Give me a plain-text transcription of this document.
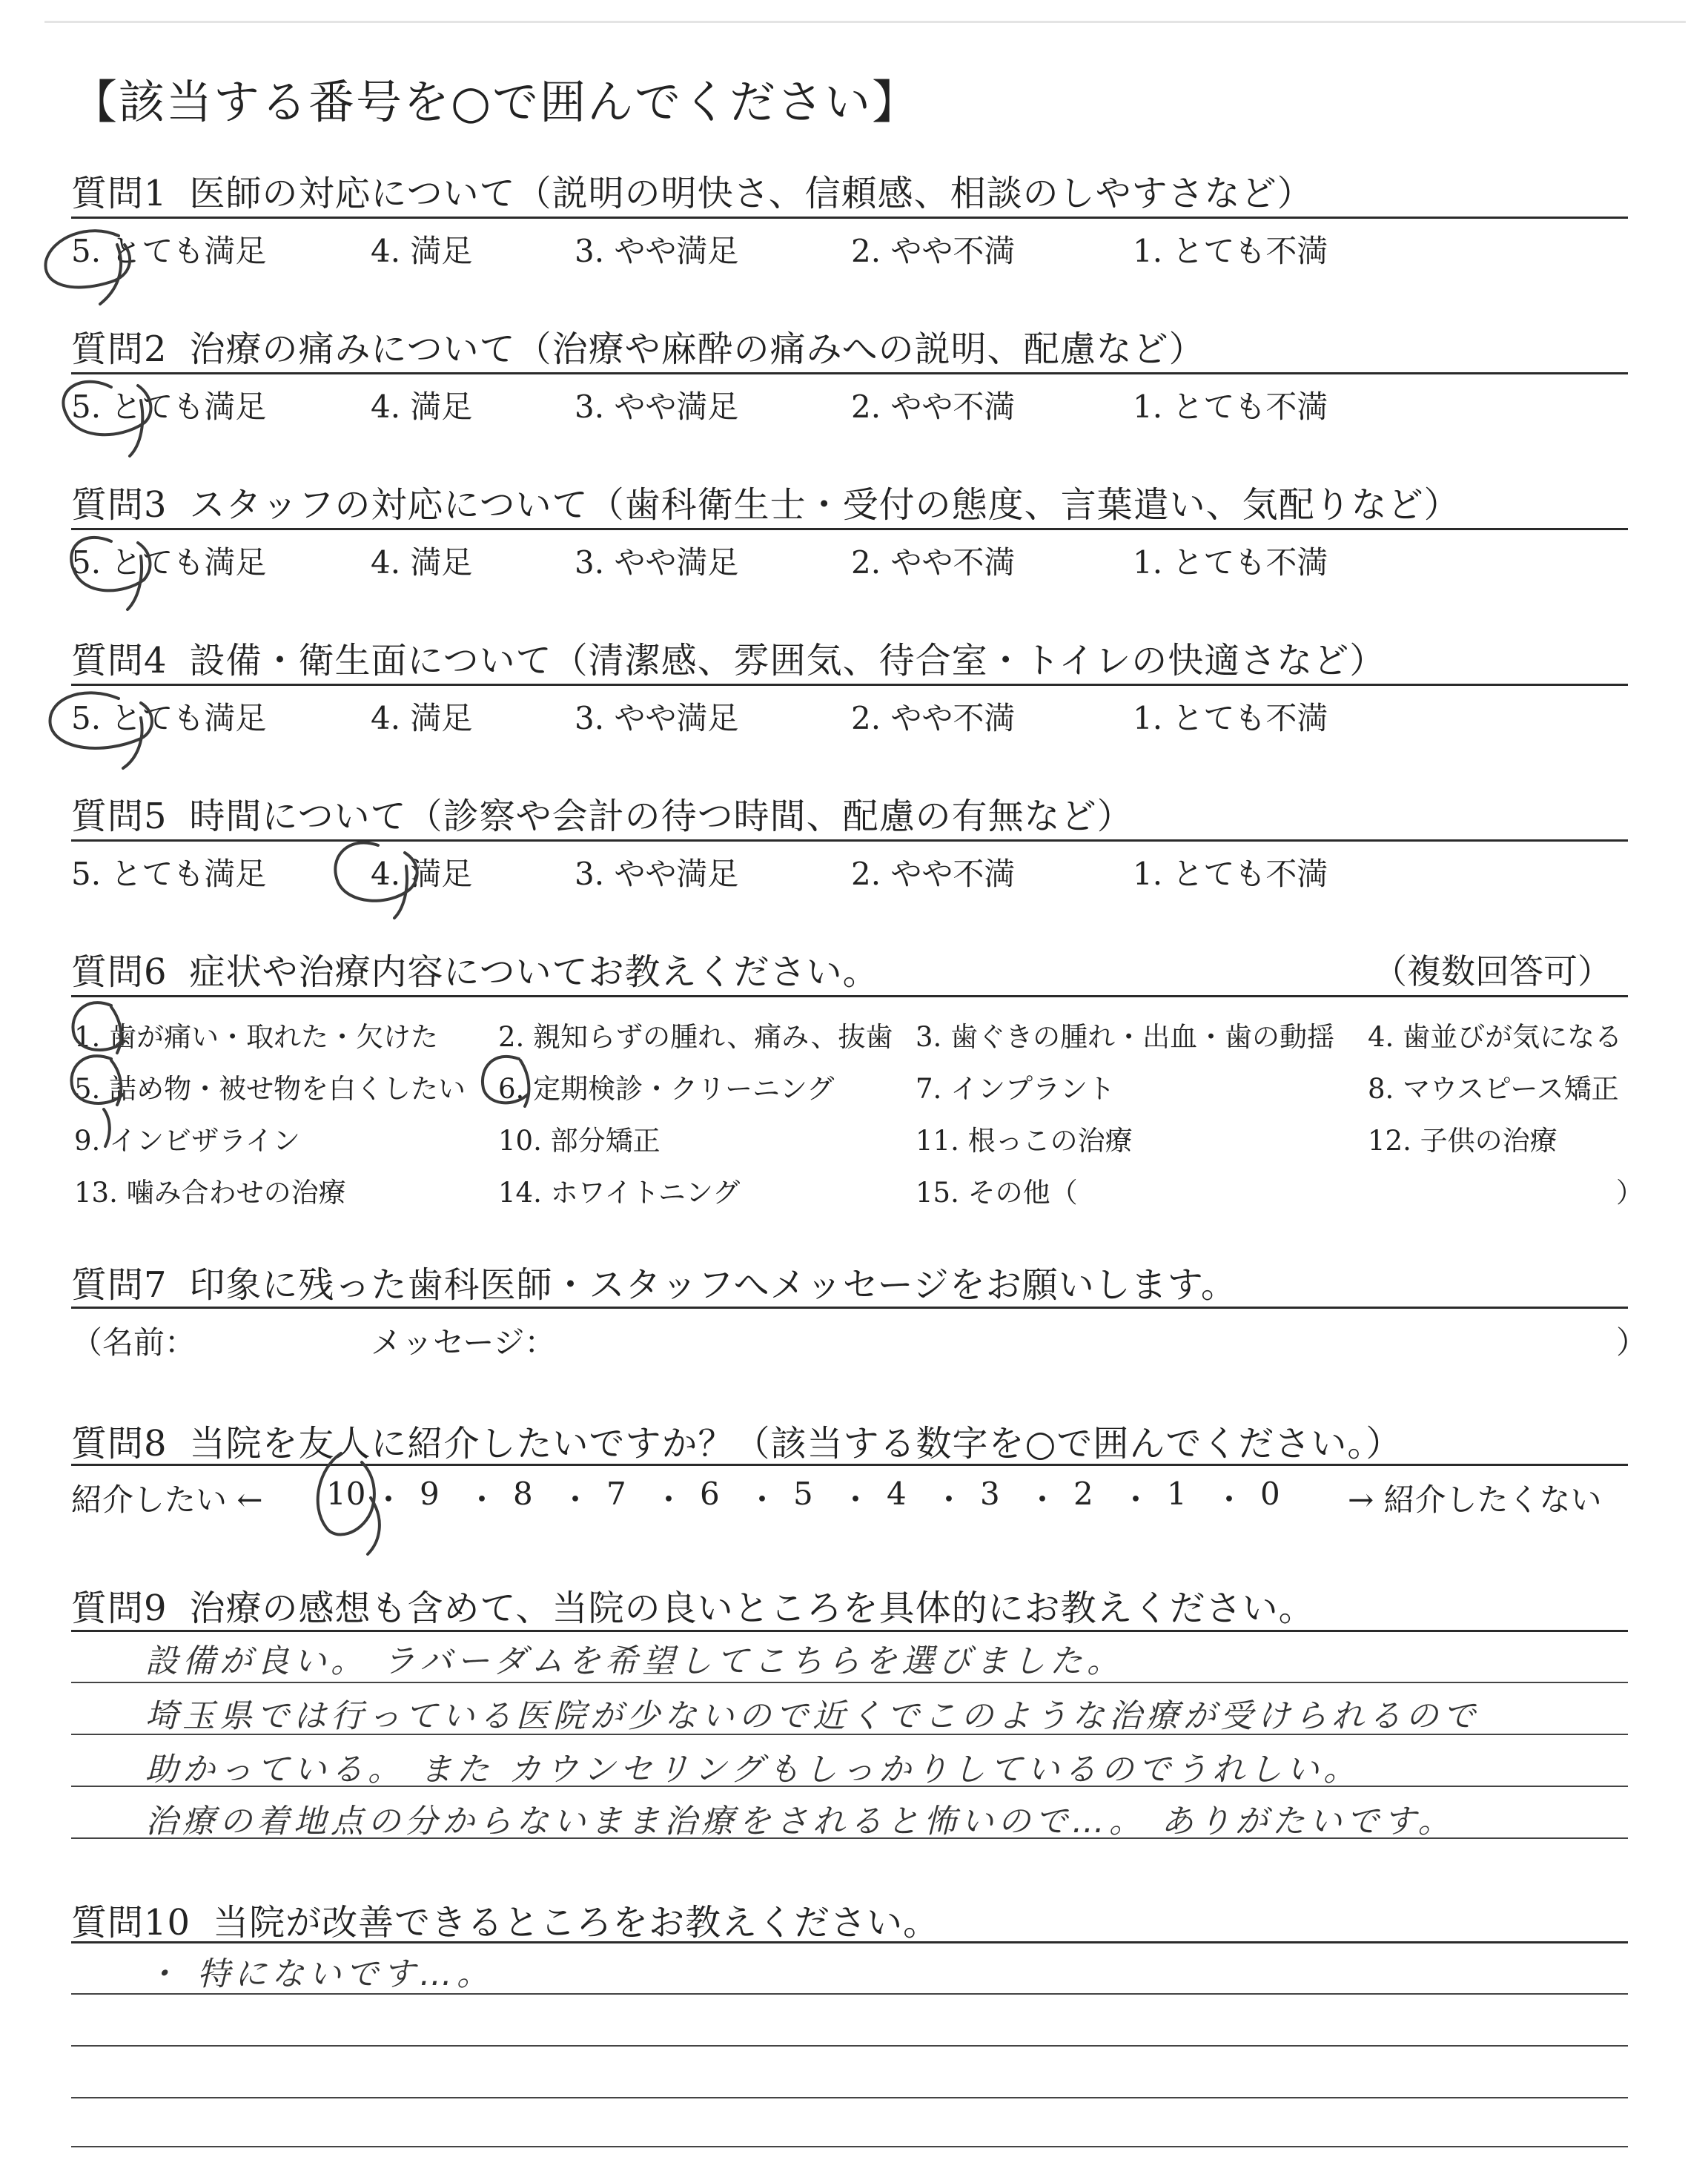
【該当する番号を○で囲んでください】
質問1 医師の対応について（説明の明快さ、信頼感、相談のしやすさなど）
5. とても満足	4. 満足	3. やや満足	2. やや不満	1. とても不満
質問2 治療の痛みについて（治療や麻酔の痛みへの説明、配慮など）
5. とても満足	4. 満足	3. やや満足	2. やや不満	1. とても不満
質問3 スタッフの対応について（歯科衛生士・受付の態度、言葉遣い、気配りなど）
5. とても満足	4. 満足	3. やや満足	2. やや不満	1. とても不満
質問4 設備・衛生面について（清潔感、雰囲気、待合室・トイレの快適さなど）
5. とても満足	4. 満足	3. やや満足	2. やや不満	1. とても不満
質問5 時間について（診察や会計の待つ時間、配慮の有無など）
5. とても満足	4. 満足	3. やや満足	2. やや不満	1. とても不満
質問6 症状や治療内容についてお教えください。	（複数回答可）
1. 歯が痛い・取れた・欠けた 2. 親知らずの腫れ、痛み、抜歯 3. 歯ぐきの腫れ・出血・歯の動揺 4. 歯並びが気になる
5. 詰め物・被せ物を白くしたい 6. 定期検診・クリーニング	7. インプラント	8. マウスピース矯正
9. インビザライン	10. 部分矯正	11. 根っこの治療	12. 子供の治療
13. 噛み合わせの治療	14. ホワイトニング	15. その他（	）
質問7 印象に残った歯科医師・スタッフへメッセージをお願いします。
（名前：	メッセージ：	）
質問8 当院を友人に紹介したいですか？（該当する数字を○で囲んでください。）
紹介したい ← 10 ・ 9 ・ 8 ・ 7 ・ 6 ・ 5 ・ 4 ・ 3 ・ 2 ・ 1 ・ 0 → 紹介したくない
質問9 治療の感想も含めて、当院の良いところを具体的にお教えください。
設備が良い。 ラバーダムを希望してこちらを選びました。
埼玉県では行っている医院が少ないので近くでこのような治療が受けられるので
助かっている。 また カウンセリングもしっかりしているのでうれしい。
治療の着地点の分からないまま治療をされると怖いので…。 ありがたいです。
質問10 当院が改善できるところをお教えください。
・ 特にないです…。
